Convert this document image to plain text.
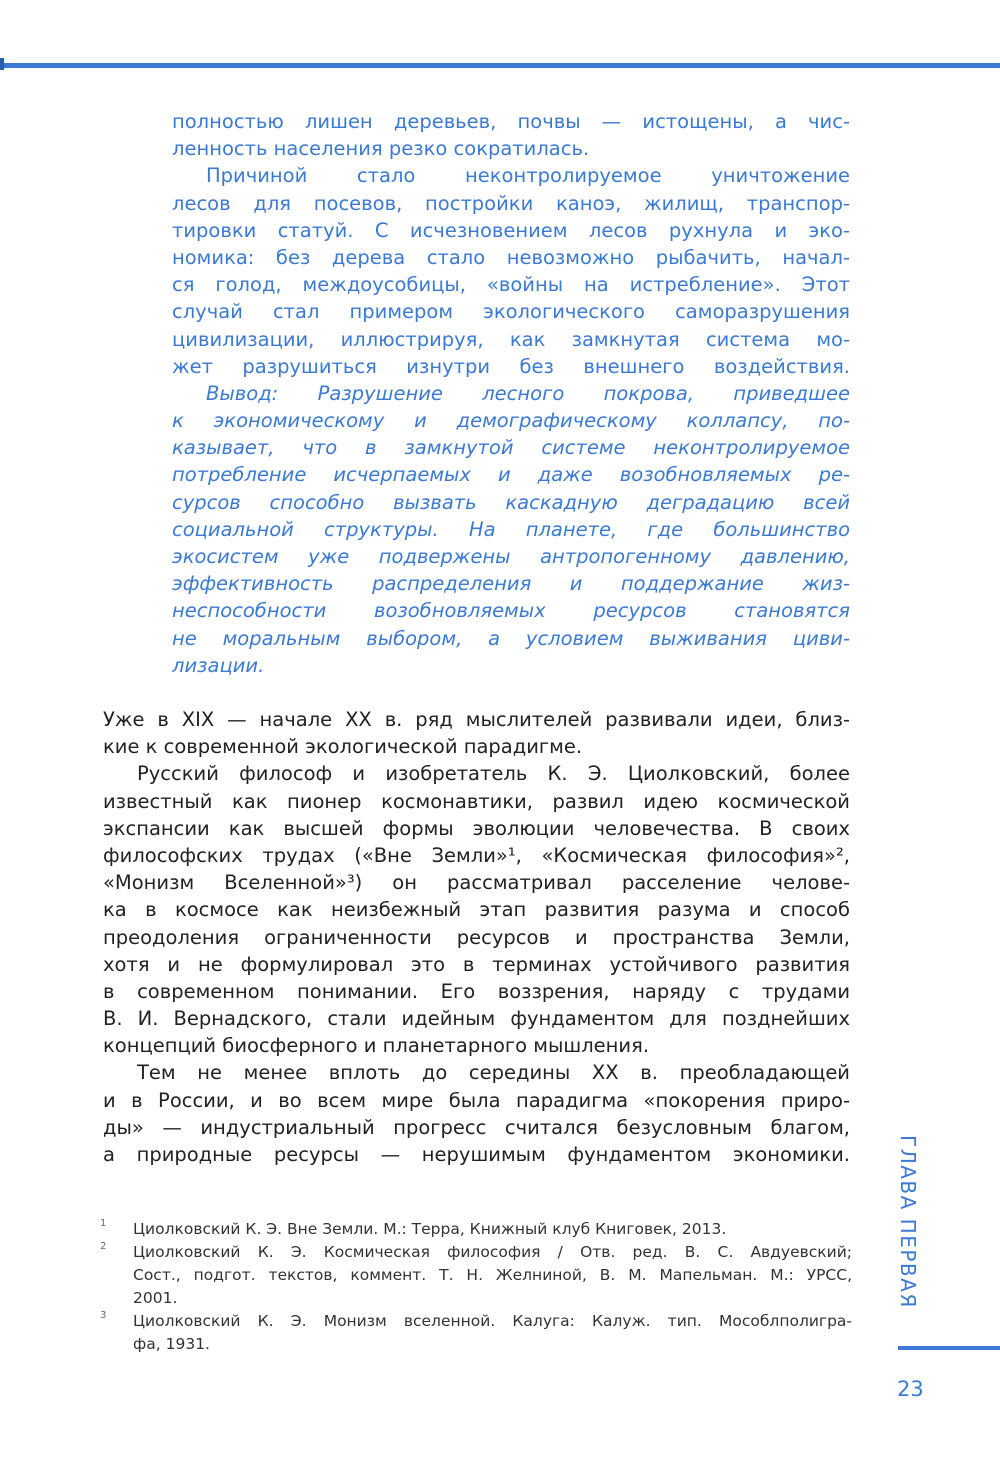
полностью лишен деревьев, почвы — истощены, а чис-
ленность населения резко сократилась.
Причиной стало неконтролируемое уничтожение
лесов для посевов, постройки каноэ, жилищ, транспор-
тировки статуй. С исчезновением лесов рухнула и эко-
номика: без дерева стало невозможно рыбачить, начал-
ся голод, междоусобицы, «войны на истребление». Этот
случай стал примером экологического саморазрушения
цивилизации, иллюстрируя, как замкнутая система мо-
жет разрушиться изнутри без внешнего воздействия.
Вывод: Разрушение лесного покрова, приведшее
к экономическому и демографическому коллапсу, по-
казывает, что в замкнутой системе неконтролируемое
потребление исчерпаемых и даже возобновляемых ре-
сурсов способно вызвать каскадную деградацию всей
социальной структуры. На планете, где большинство
экосистем уже подвержены антропогенному давлению,
эффективность распределения и поддержание жиз-
неспособности возобновляемых ресурсов становятся
не моральным выбором, а условием выживания циви-
лизации.
Уже в XIX — начале XX в. ряд мыслителей развивали идеи, близ-
кие к современной экологической парадигме.
Русский философ и изобретатель К. Э. Циолковский, более
известный как пионер космонавтики, развил идею космической
экспансии как высшей формы эволюции человечества. В своих
философских трудах («Вне Земли»¹, «Космическая философия»²,
«Монизм Вселенной»³) он рассматривал расселение челове-
ка в космосе как неизбежный этап развития разума и способ
преодоления ограниченности ресурсов и пространства Земли,
хотя и не формулировал это в терминах устойчивого развития
в современном понимании. Его воззрения, наряду с трудами
В. И. Вернадского, стали идейным фундаментом для позднейших
концепций биосферного и планетарного мышления.
Тем не менее вплоть до середины XX в. преобладающей
и в России, и во всем мире была парадигма «покорения приро-
ды» — индустриальный прогресс считался безусловным благом,
а природные ресурсы — нерушимым фундаментом экономики.
1 Циолковский К. Э. Вне Земли. М.: Терра, Книжный клуб Книговек, 2013.
2 Циолковский К. Э. Космическая философия / Отв. ред. В. С. Авдуевский;
Сост., подгот. текстов, коммент. Т. Н. Желниной, В. М. Мапельман. М.: УРСС,
2001.
3 Циолковский К. Э. Монизм вселенной. Калуга: Калуж. тип. Мособлполигра-
фа, 1931.
ГЛАВА ПЕРВАЯ
23
